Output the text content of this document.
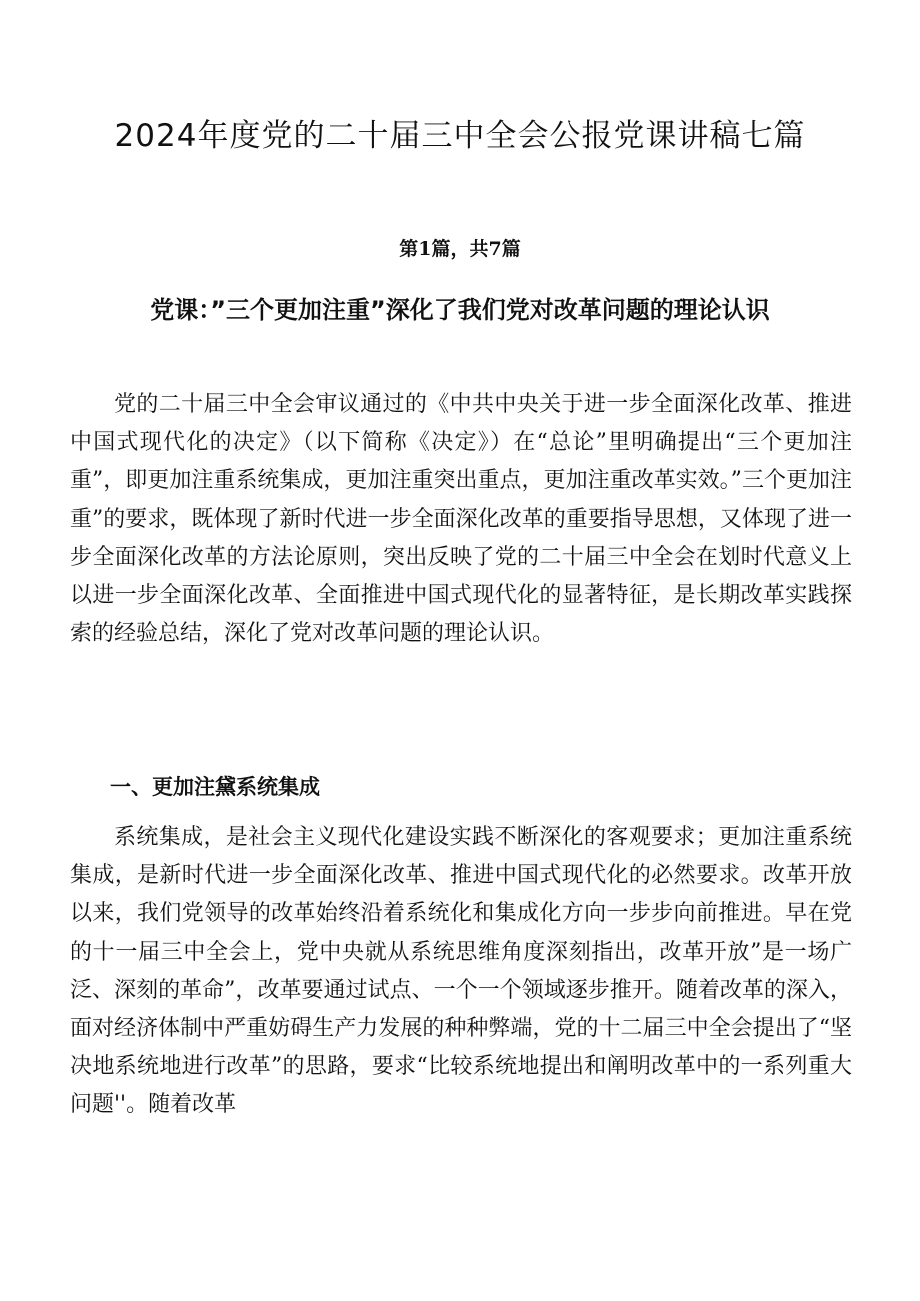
2024年度党的二十届三中全会公报党课讲稿七篇
第1篇，共7篇
党课：”三个更加注重”深化了我们党对改革问题的理论认识

党的二十届三中全会审议通过的《中共中央关于进一步全面深化改革、推进中国式现代化的决定》（以下简称《决定》）在“总论”里明确提出“三个更加注重”，即更加注重系统集成，更加注重突出重点，更加注重改革实效。”三个更加注重”的要求，既体现了新时代进一步全面深化改革的重要指导思想，又体现了进一步全面深化改革的方法论原则，突出反映了党的二十届三中全会在划时代意义上以进一步全面深化改革、全面推进中国式现代化的显著特征，是长期改革实践探索的经验总结，深化了党对改革问题的理论认识。

一、更加注黛系统集成

系统集成，是社会主义现代化建设实践不断深化的客观要求；更加注重系统集成，是新时代进一步全面深化改革、推进中国式现代化的必然要求。改革开放以来，我们党领导的改革始终沿着系统化和集成化方向一步步向前推进。早在党的十一届三中全会上，党中央就从系统思维角度深刻指出，改革开放”是一场广泛、深刻的革命”，改革要通过试点、一个一个领域逐步推开。随着改革的深入，面对经济体制中严重妨碍生产力发展的种种弊端，党的十二届三中全会提出了“坚决地系统地进行改革”的思路，要求“比较系统地提出和阐明改革中的一系列重大问题''。随着改革
